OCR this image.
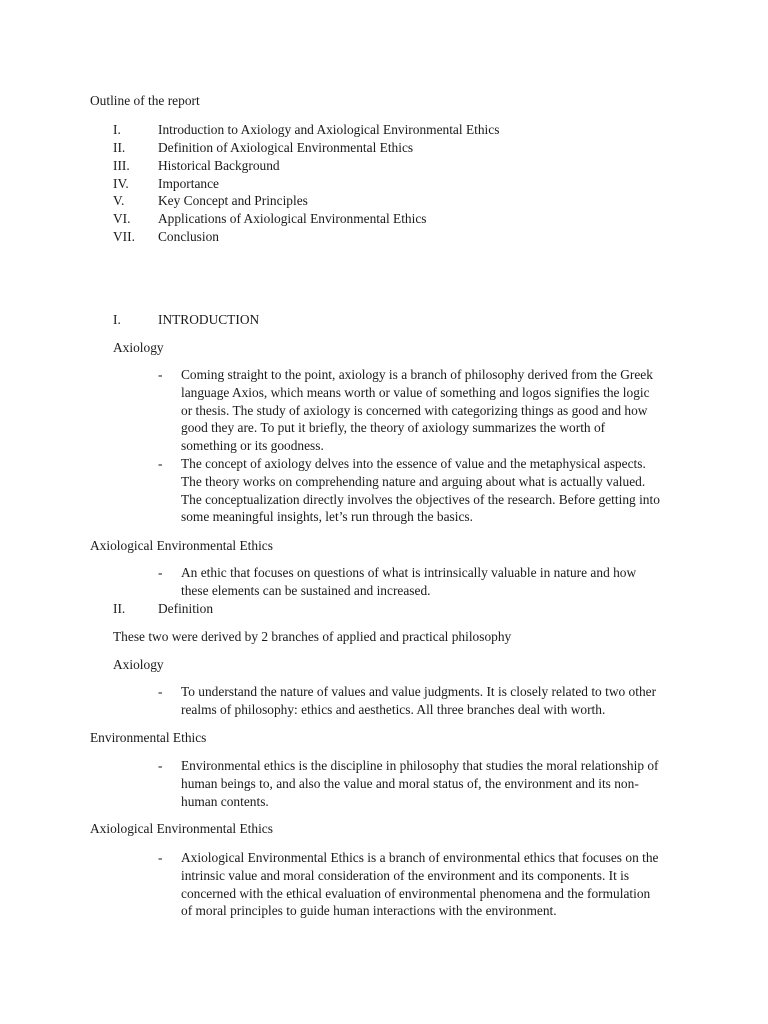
Outline of the report
I.	Introduction to Axiology and Axiological Environmental Ethics
II. Definition of Axiological Environmental Ethics
III. Historical Background
IV. Importance
V.	Key Concept and Principles
VI. Applications of Axiological Environmental Ethics
VII. Conclusion
I.	INTRODUCTION
Axiology
- Coming straight to the point, axiology is a branch of philosophy derived from the Greek
language Axios, which means worth or value of something and logos signifies the logic
or thesis. The study of axiology is concerned with categorizing things as good and how
good they are. To put it briefly, the theory of axiology summarizes the worth of
something or its goodness.
- The concept of axiology delves into the essence of value and the metaphysical aspects.
The theory works on comprehending nature and arguing about what is actually valued.
The conceptualization directly involves the objectives of the research. Before getting into
some meaningful insights, let’s run through the basics.
Axiological Environmental Ethics
- An ethic that focuses on questions of what is intrinsically valuable in nature and how
these elements can be sustained and increased.
II. Definition
These two were derived by 2 branches of applied and practical philosophy
Axiology
- To understand the nature of values and value judgments. It is closely related to two other
realms of philosophy: ethics and aesthetics. All three branches deal with worth.
Environmental Ethics
- Environmental ethics is the discipline in philosophy that studies the moral relationship of
human beings to, and also the value and moral status of, the environment and its non-
human contents.
Axiological Environmental Ethics
- Axiological Environmental Ethics is a branch of environmental ethics that focuses on the
intrinsic value and moral consideration of the environment and its components. It is
concerned with the ethical evaluation of environmental phenomena and the formulation
of moral principles to guide human interactions with the environment.
